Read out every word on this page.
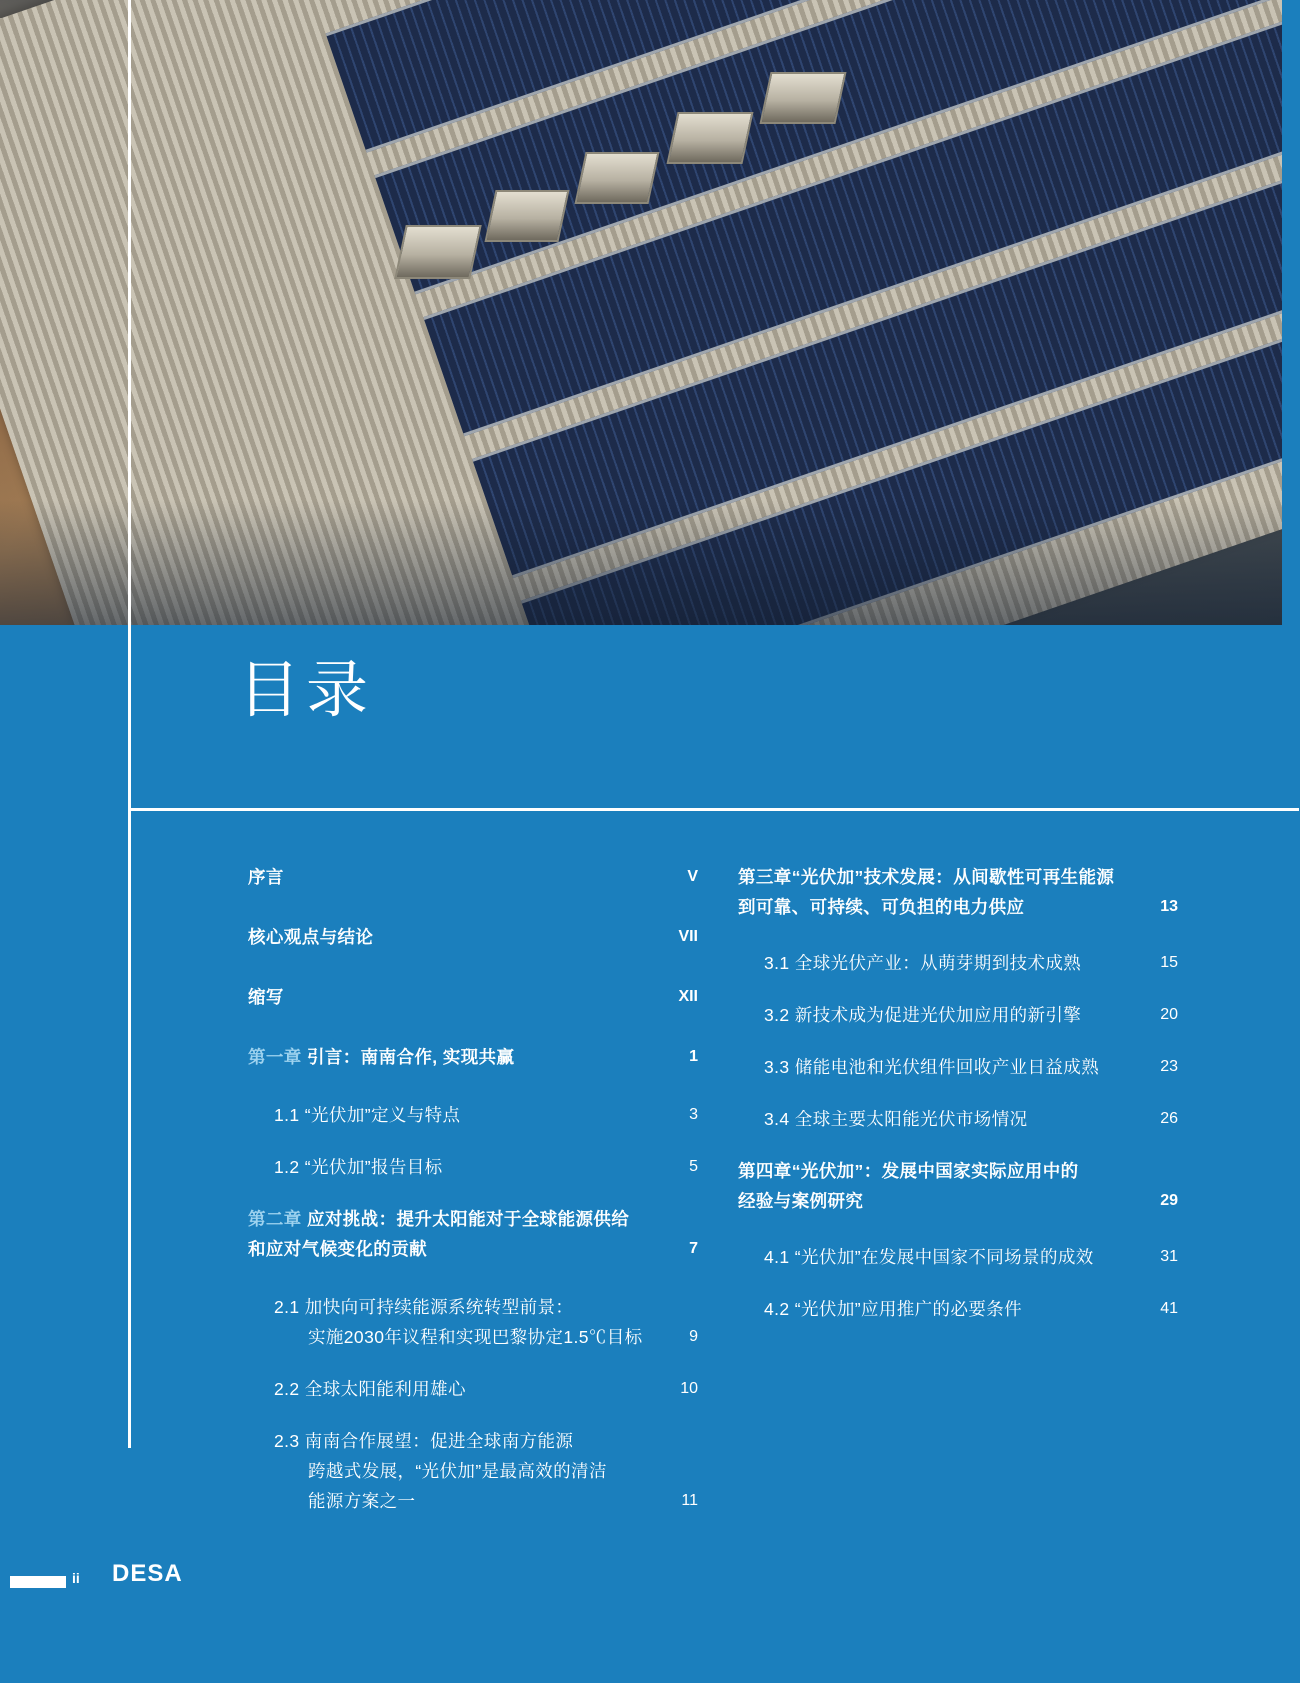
目录
序言	V
核心观点与结论	VII
缩写	XII
第一章 引言：南南合作, 实现共赢	1
1.1 “光伏加”定义与特点	3
1.2 “光伏加”报告目标	5
第二章 应对挑战：提升太阳能对于全球能源供给
和应对气候变化的贡献	7
2.1 加快向可持续能源系统转型前景：
实施2030年议程和实现巴黎协定1.5℃目标	9
2.2 全球太阳能利用雄心	10
2.3 南南合作展望：促进全球南方能源
跨越式发展，“光伏加”是最高效的清洁
能源方案之一	11
第三章“光伏加”技术发展：从间歇性可再生能源
到可靠、可持续、可负担的电力供应	13
3.1 全球光伏产业：从萌芽期到技术成熟	15
3.2 新技术成为促进光伏加应用的新引擎	20
3.3 储能电池和光伏组件回收产业日益成熟	23
3.4 全球主要太阳能光伏市场情况	26
第四章“光伏加”：发展中国家实际应用中的
经验与案例研究	29
4.1 “光伏加”在发展中国家不同场景的成效	31
4.2 “光伏加”应用推广的必要条件	41
ii DESA
